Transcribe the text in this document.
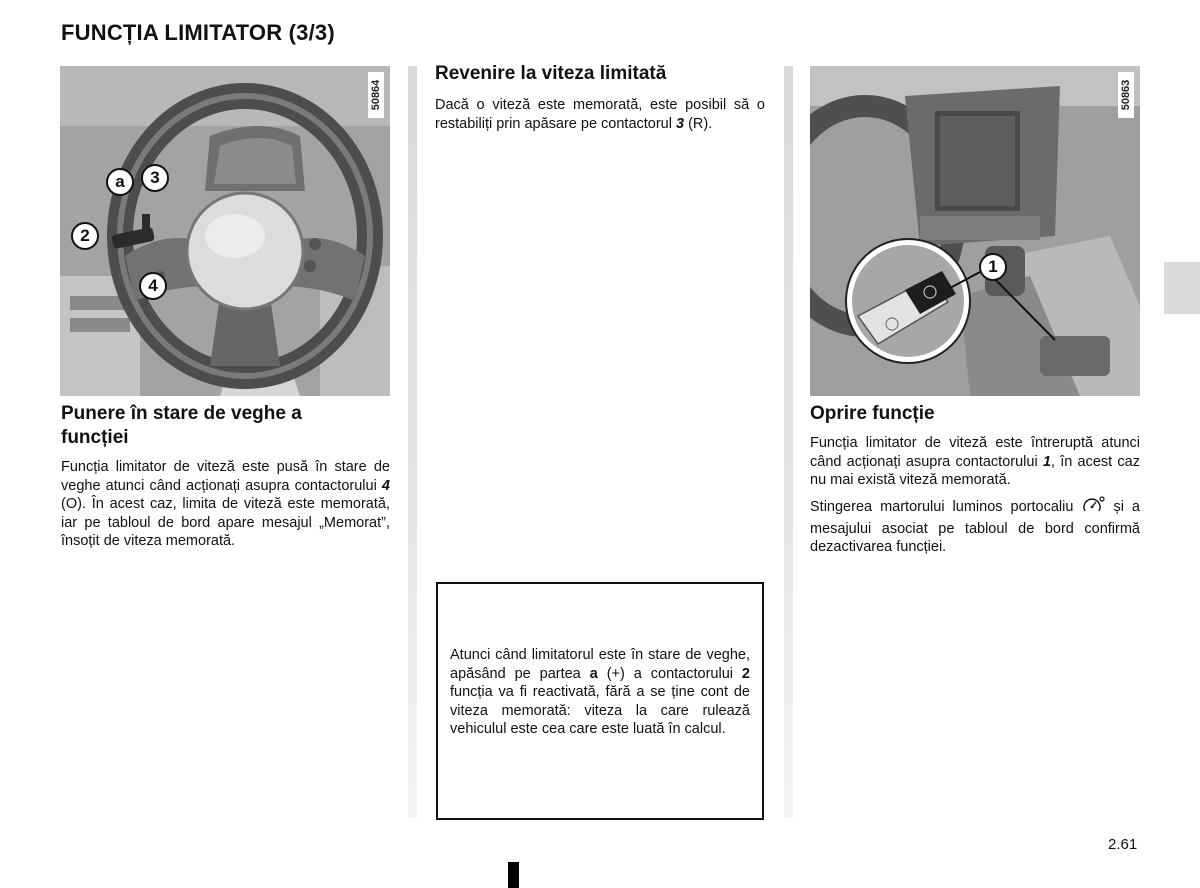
FUNCȚIA LIMITATOR (3/3)
50864
a	3
2
4
50863
1
Punere în stare de veghe a funcției

Funcția limitator de viteză este pusă în stare de veghe atunci când acționați asupra contactorului 4 (O). În acest caz, limita de viteză este memorată, iar pe tabloul de bord apare mesajul „Memorat”, însoțit de viteza memorată.

Revenire la viteza limitată

Dacă o viteză este memorată, este posibil să o restabiliți prin apăsare pe contactorul 3 (R).

Atunci când limitatorul este în stare de veghe, apăsând pe partea a (+) a contactorului 2 funcția va fi reactivată, fără a se ține cont de viteza memorată: viteza la care rulează vehiculul este cea care este luată în calcul.

Oprire funcție

Funcția limitator de viteză este întreruptă atunci când acționați asupra contactorului 1, în acest caz nu mai există viteză memorată.

Stingerea martorului luminos portocaliu  și a mesajului asociat pe tabloul de bord confirmă dezactivarea funcției.

2.61
